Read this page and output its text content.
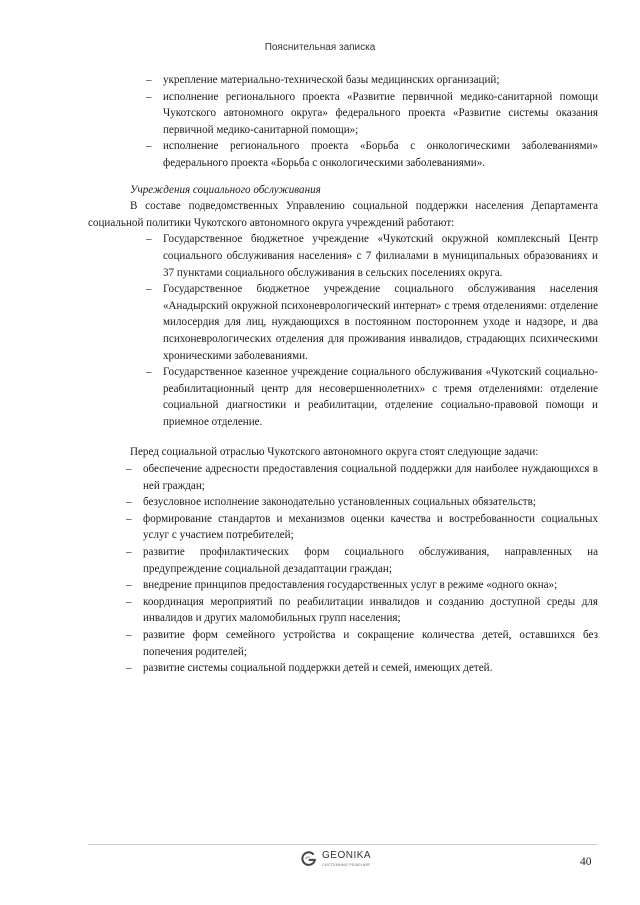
Пояснительная записка
– укрепление материально-технической базы медицинских организаций;
– исполнение регионального проекта «Развитие первичной медико-санитарной помощи Чукотского автономного округа» федерального проекта «Развитие системы оказания первичной медико-санитарной помощи»;
– исполнение регионального проекта «Борьба с онкологическими заболеваниями» федерального проекта «Борьба с онкологическими заболеваниями».
Учреждения социального обслуживания
В составе подведомственных Управлению социальной поддержки населения Департамента социальной политики Чукотского автономного округа учреждений работают:
– Государственное бюджетное учреждение «Чукотский окружной комплексный Центр социального обслуживания населения» с 7 филиалами в муниципальных образованиях и 37 пунктами социального обслуживания в сельских поселениях округа.
– Государственное бюджетное учреждение социального обслуживания населения «Анадырский окружной психоневрологический интернат» с тремя отделениями: отделение милосердия для лиц, нуждающихся в постоянном постороннем уходе и надзоре, и два психоневрологических отделения для проживания инвалидов, страдающих психическими хроническими заболеваниями.
– Государственное казенное учреждение социального обслуживания «Чукотский социально-реабилитационный центр для несовершеннолетних» с тремя отделениями: отделение социальной диагностики и реабилитации, отделение социально-правовой помощи и приемное отделение.
Перед социальной отраслью Чукотского автономного округа стоят следующие задачи:
– обеспечение адресности предоставления социальной поддержки для наиболее нуждающихся в ней граждан;
– безусловное исполнение законодательно установленных социальных обязательств;
– формирование стандартов и механизмов оценки качества и востребованности социальных услуг с участием потребителей;
– развитие профилактических форм социального обслуживания, направленных на предупреждение социальной дезадаптации граждан;
– внедрение принципов предоставления государственных услуг в режиме «одного окна»;
– координация мероприятий по реабилитации инвалидов и созданию доступной среды для инвалидов и других маломобильных групп населения;
– развитие форм семейного устройства и сокращение количества детей, оставшихся без попечения родителей;
– развитие системы социальной поддержки детей и семей, имеющих детей.
GEONIKA
СИСТЕМНЫЕ РЕШЕНИЯ	40
